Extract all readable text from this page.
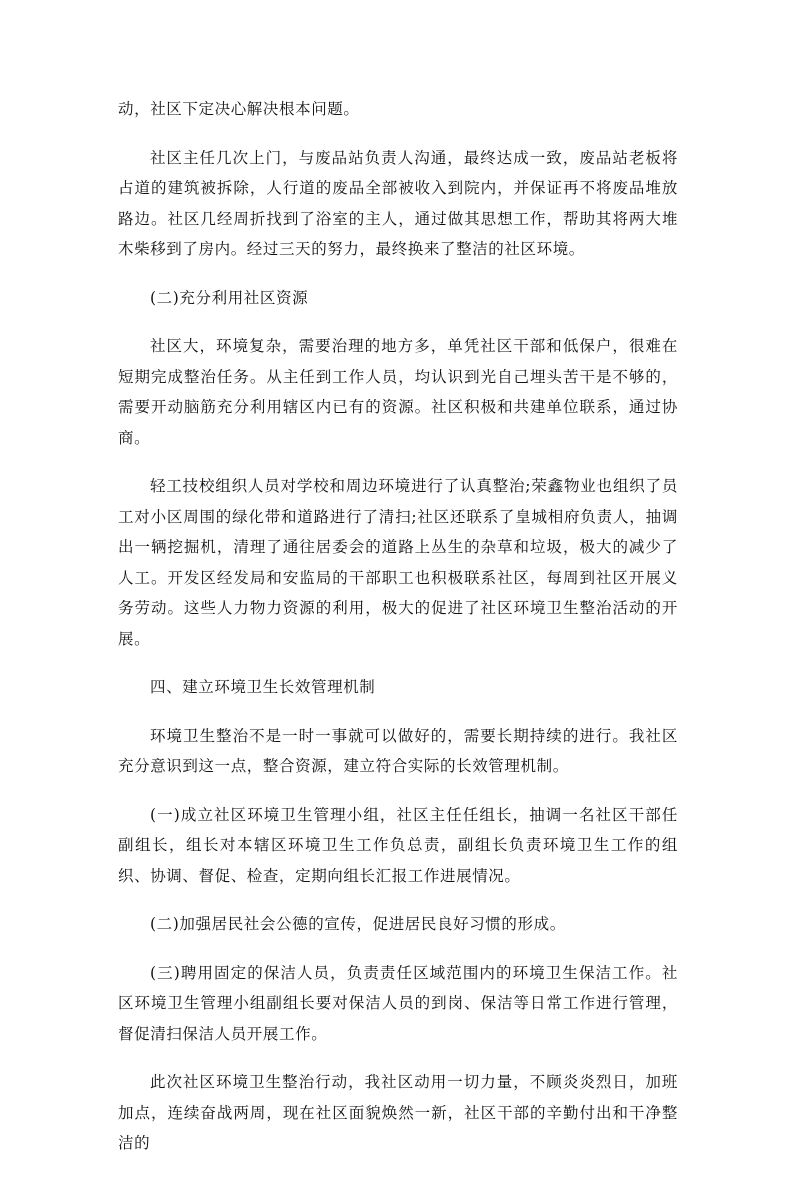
动，社区下定决心解决根本问题。

社区主任几次上门，与废品站负责人沟通，最终达成一致，废品站老板将占道的建筑被拆除，人行道的废品全部被收入到院内，并保证再不将废品堆放路边。社区几经周折找到了浴室的主人，通过做其思想工作，帮助其将两大堆木柴移到了房内。经过三天的努力，最终换来了整洁的社区环境。

(二)充分利用社区资源

社区大，环境复杂，需要治理的地方多，单凭社区干部和低保户，很难在短期完成整治任务。从主任到工作人员，均认识到光自己埋头苦干是不够的，需要开动脑筋充分利用辖区内已有的资源。社区积极和共建单位联系，通过协商。

轻工技校组织人员对学校和周边环境进行了认真整治;荣鑫物业也组织了员工对小区周围的绿化带和道路进行了清扫;社区还联系了皇城相府负责人，抽调出一辆挖掘机，清理了通往居委会的道路上丛生的杂草和垃圾，极大的减少了人工。开发区经发局和安监局的干部职工也积极联系社区，每周到社区开展义务劳动。这些人力物力资源的利用，极大的促进了社区环境卫生整治活动的开展。

四、建立环境卫生长效管理机制

环境卫生整治不是一时一事就可以做好的，需要长期持续的进行。我社区充分意识到这一点，整合资源，建立符合实际的长效管理机制。

(一)成立社区环境卫生管理小组，社区主任任组长，抽调一名社区干部任副组长，组长对本辖区环境卫生工作负总责，副组长负责环境卫生工作的组织、协调、督促、检查，定期向组长汇报工作进展情况。

(二)加强居民社会公德的宣传，促进居民良好习惯的形成。

(三)聘用固定的保洁人员，负责责任区域范围内的环境卫生保洁工作。社区环境卫生管理小组副组长要对保洁人员的到岗、保洁等日常工作进行管理，督促清扫保洁人员开展工作。

此次社区环境卫生整治行动，我社区动用一切力量，不顾炎炎烈日，加班加点，连续奋战两周，现在社区面貌焕然一新，社区干部的辛勤付出和干净整洁的
